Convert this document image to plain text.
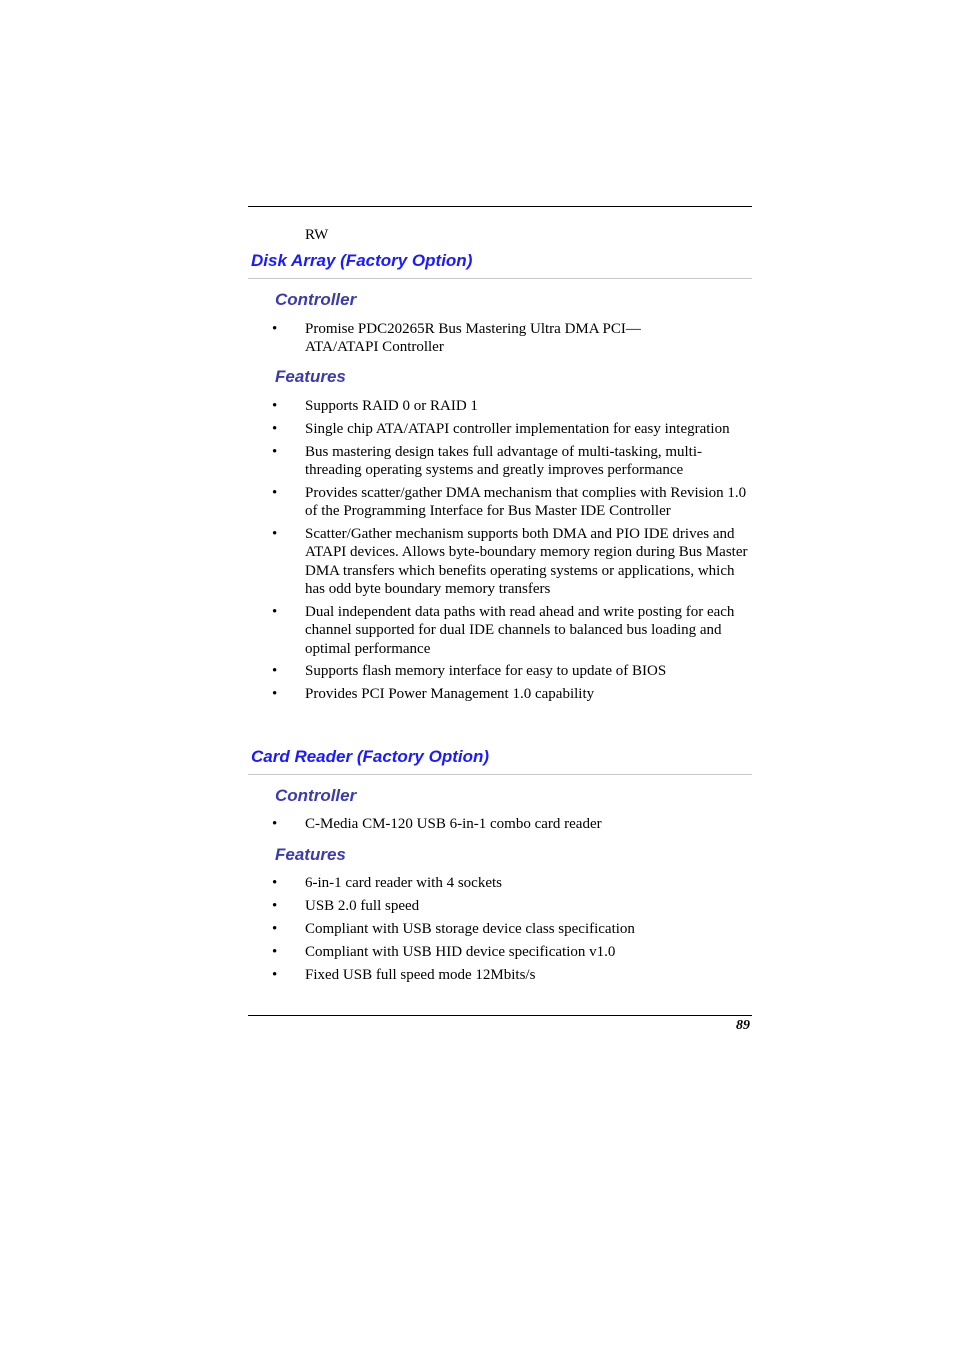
RW
Disk Array (Factory Option)
Controller
• Promise PDC20265R Bus Mastering Ultra DMA PCI—
ATA/ATAPI Controller
Features
• Supports RAID 0 or RAID 1
• Single chip ATA/ATAPI controller implementation for easy integration
• Bus mastering design takes full advantage of multi-tasking, multi-threading operating systems and greatly improves performance
• Provides scatter/gather DMA mechanism that complies with Revision 1.0 of the Programming Interface for Bus Master IDE Controller
• Scatter/Gather mechanism supports both DMA and PIO IDE drives and ATAPI devices. Allows byte-boundary memory region during Bus Master DMA transfers which benefits operating systems or applications, which has odd byte boundary memory transfers
• Dual independent data paths with read ahead and write posting for each channel supported for dual IDE channels to balanced bus loading and optimal performance
• Supports flash memory interface for easy to update of BIOS
• Provides PCI Power Management 1.0 capability
Card Reader (Factory Option)
Controller
• C-Media CM-120 USB 6-in-1 combo card reader
Features
• 6-in-1 card reader with 4 sockets
• USB 2.0 full speed
• Compliant with USB storage device class specification
• Compliant with USB HID device specification v1.0
• Fixed USB full speed mode 12Mbits/s
89
